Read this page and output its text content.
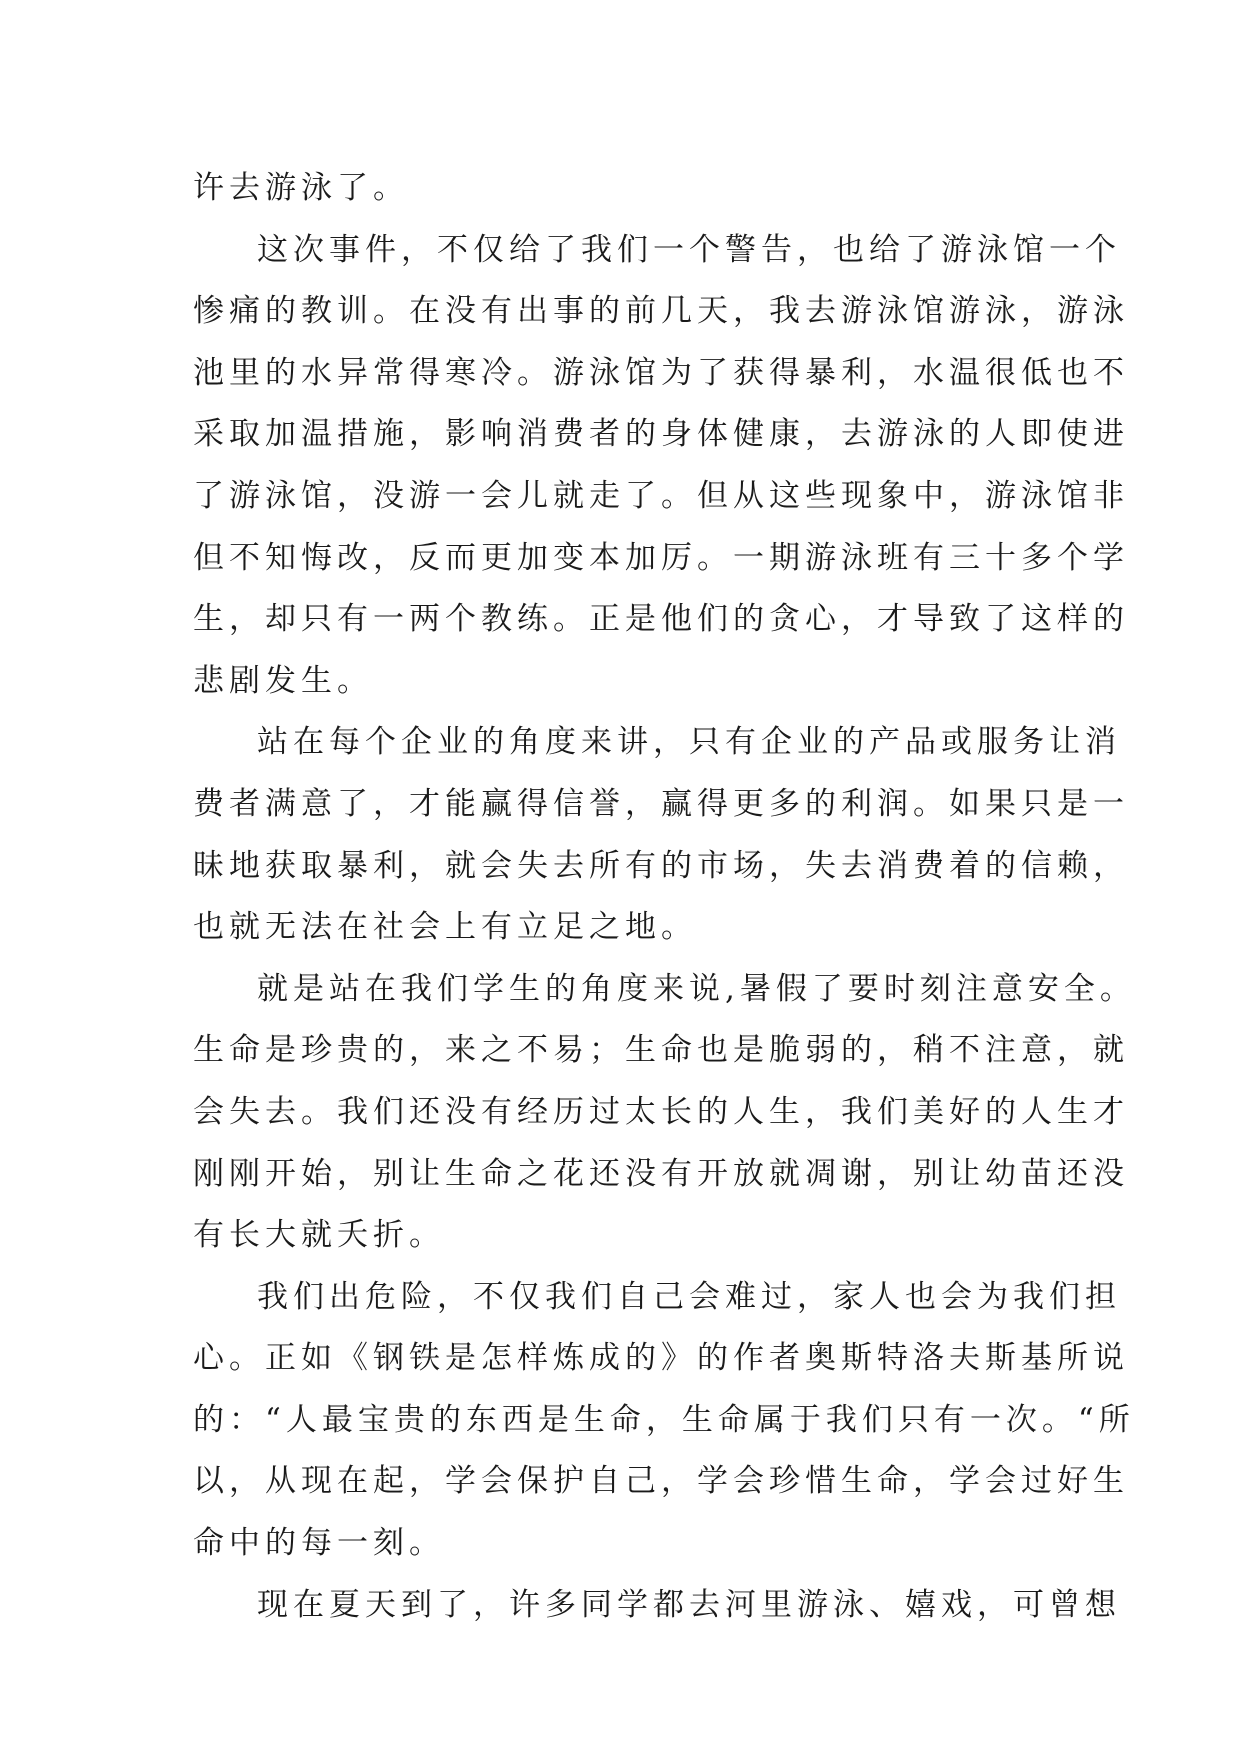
许去游泳了。
这次事件，不仅给了我们一个警告，也给了游泳馆一个
惨痛的教训。在没有出事的前几天，我去游泳馆游泳，游泳
池里的水异常得寒冷。游泳馆为了获得暴利，水温很低也不
采取加温措施，影响消费者的身体健康，去游泳的人即使进
了游泳馆，没游一会儿就走了。但从这些现象中，游泳馆非
但不知悔改，反而更加变本加厉。一期游泳班有三十多个学
生，却只有一两个教练。正是他们的贪心，才导致了这样的
悲剧发生。
站在每个企业的角度来讲，只有企业的产品或服务让消
费者满意了，才能赢得信誉，赢得更多的利润。如果只是一
昧地获取暴利，就会失去所有的市场，失去消费着的信赖，
也就无法在社会上有立足之地。
就是站在我们学生的角度来说,暑假了要时刻注意安全。
生命是珍贵的，来之不易；生命也是脆弱的，稍不注意，就
会失去。我们还没有经历过太长的人生，我们美好的人生才
刚刚开始，别让生命之花还没有开放就凋谢，别让幼苗还没
有长大就夭折。
我们出危险，不仅我们自己会难过，家人也会为我们担
心。正如《钢铁是怎样炼成的》的作者奥斯特洛夫斯基所说
的：“人最宝贵的东西是生命，生命属于我们只有一次。“所
以，从现在起，学会保护自己，学会珍惜生命，学会过好生
命中的每一刻。
现在夏天到了，许多同学都去河里游泳、嬉戏，可曾想
